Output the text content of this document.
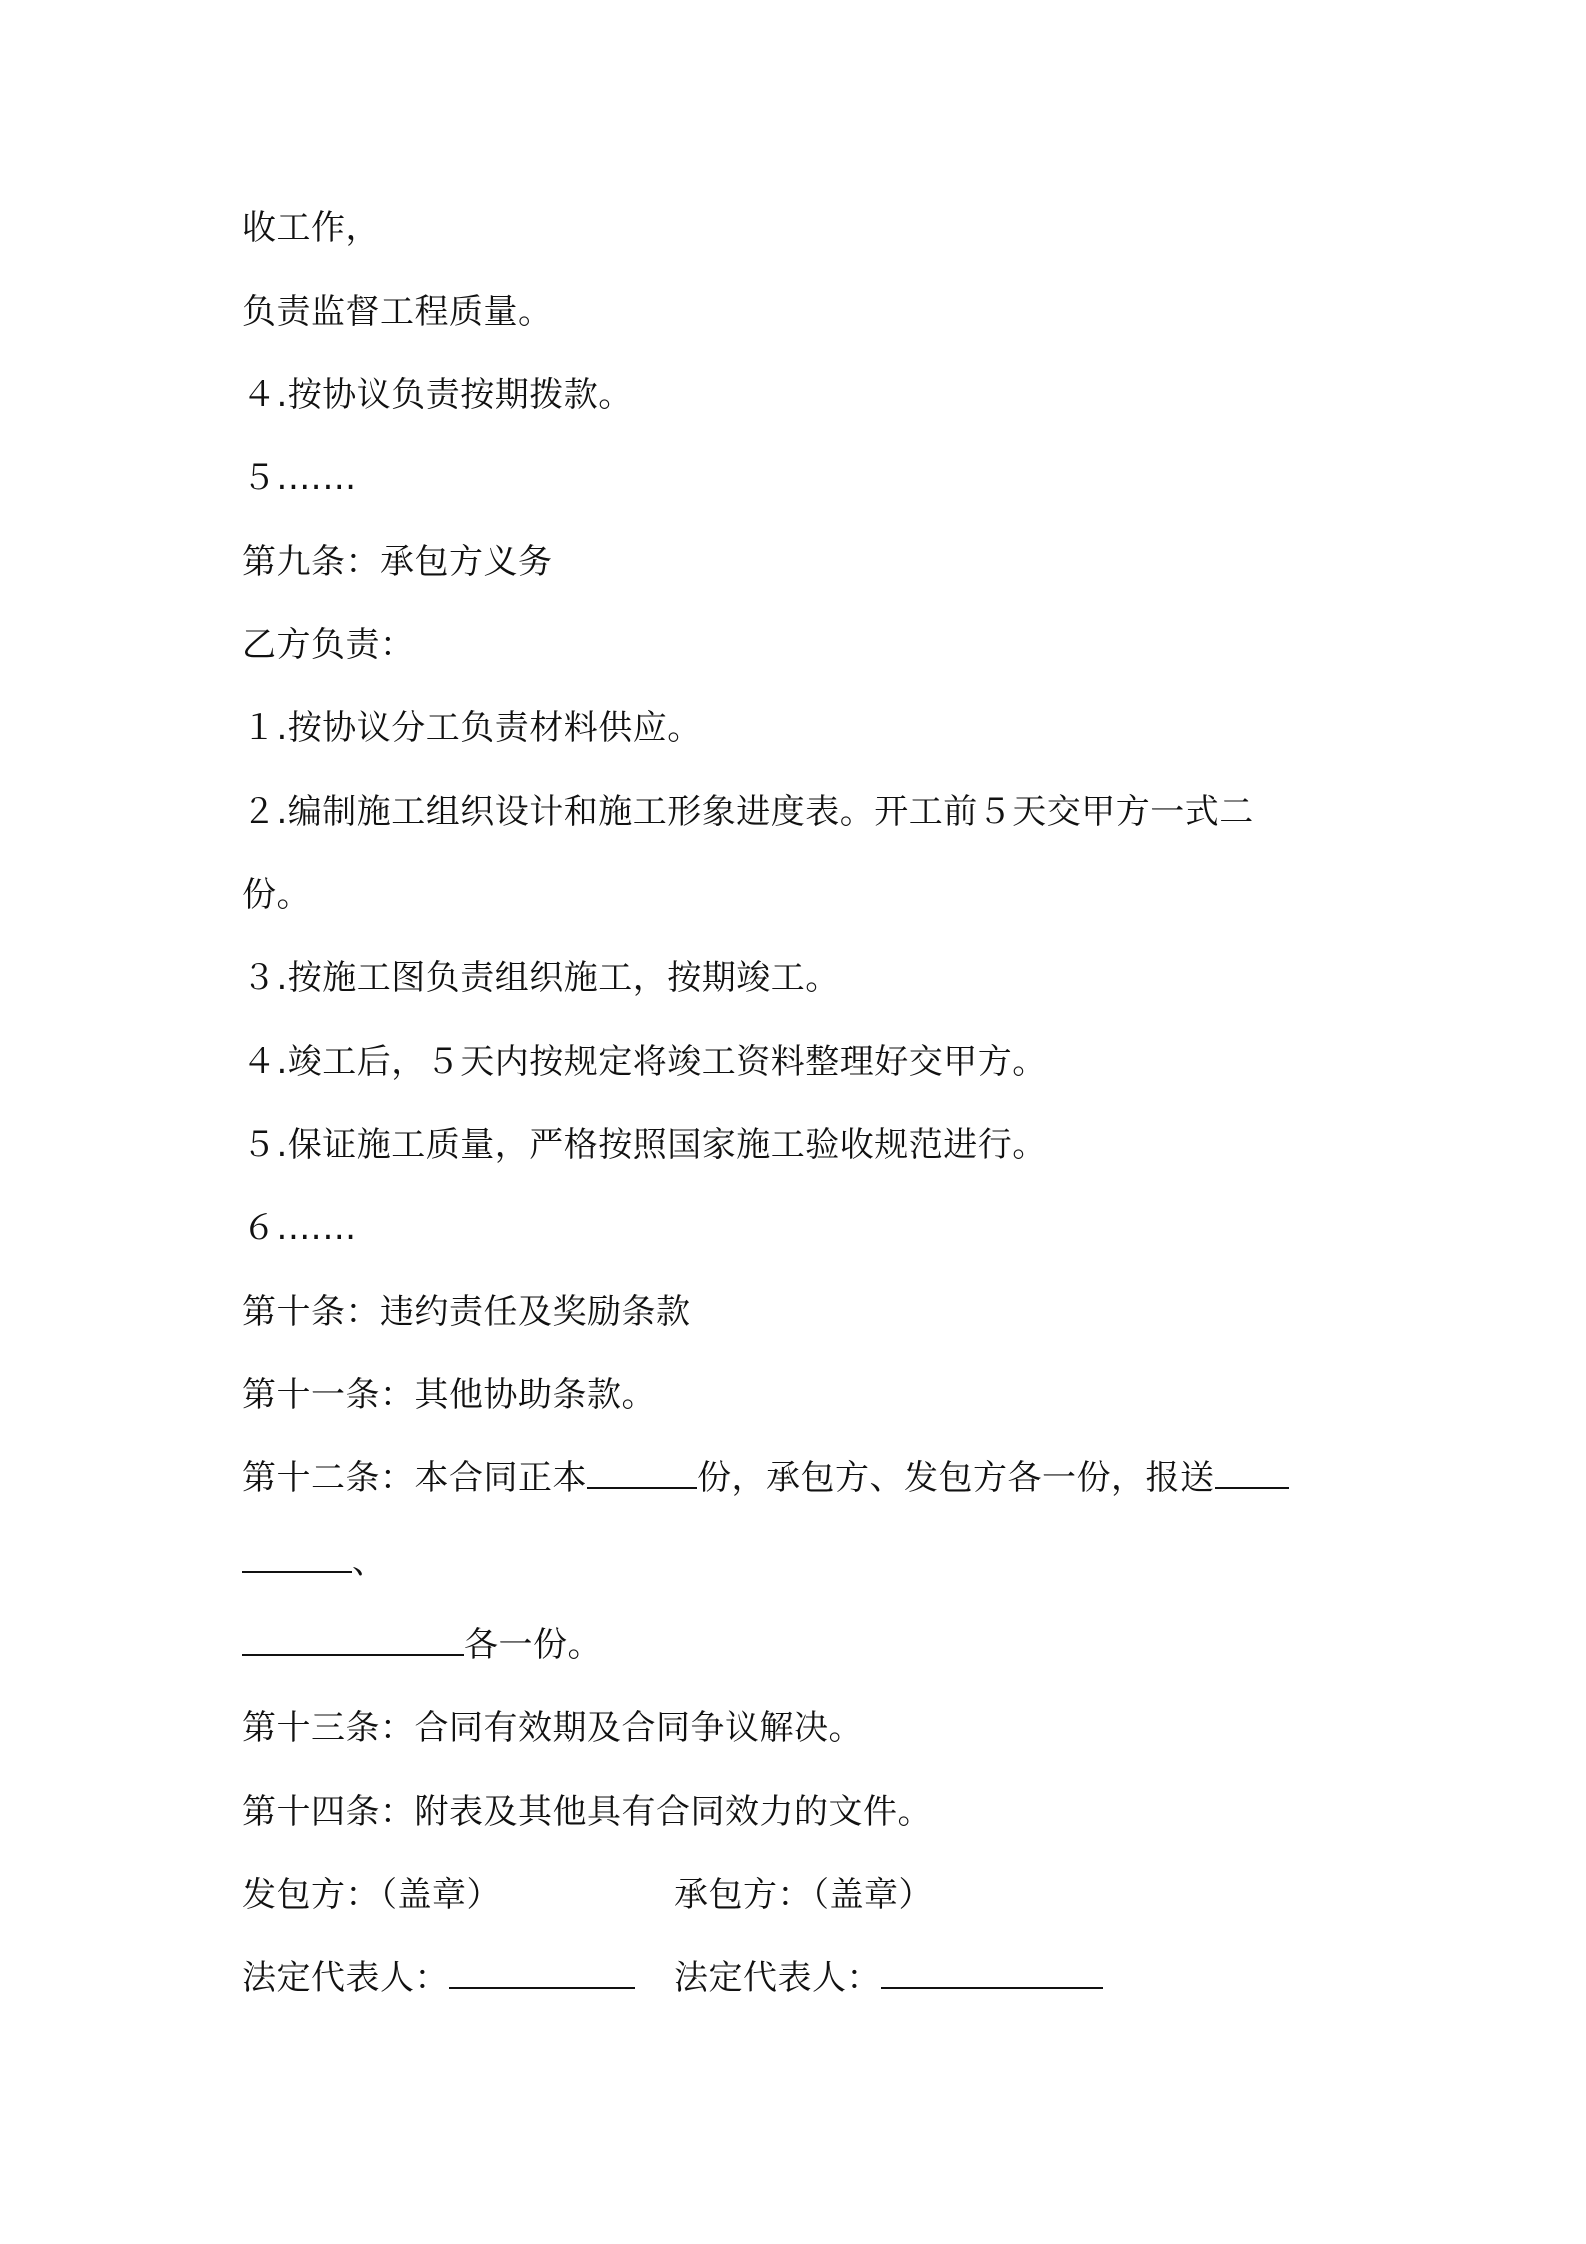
收工作，
负责监督工程质量。
４.按协议负责按期拨款。
５.……
第九条：承包方义务
乙方负责：
１.按协议分工负责材料供应。
２.编制施工组织设计和施工形象进度表。开工前５天交甲方一式二
份。
３.按施工图负责组织施工，按期竣工。
４.竣工后，５天内按规定将竣工资料整理好交甲方。
５.保证施工质量，严格按照国家施工验收规范进行。
６.……
第十条：违约责任及奖励条款
第十一条：其他协助条款。
第十二条：本合同正本	份，承包方、发包方各一份，报送
、
各一份。
第十三条：合同有效期及合同争议解决。
第十四条：附表及其他具有合同效力的文件。
发包方：（盖章）	承包方：（盖章）
法定代表人：	法定代表人：
